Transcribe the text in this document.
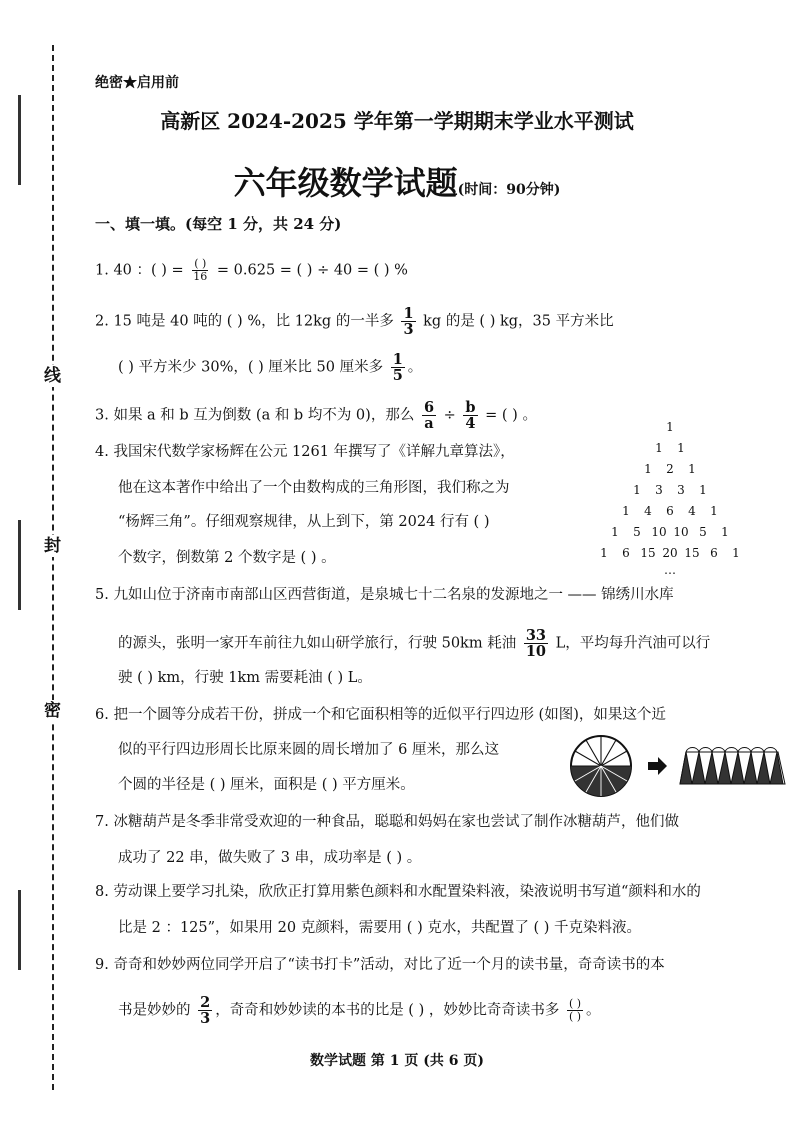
线
封
密
绝密★启用前
高新区 2024-2025 学年第一学期期末学业水平测试
六年级数学试题(时间：90分钟)
一、填一填。(每空 1 分，共 24 分)
1. 40 ：( ) = $\frac{( )}{16} = 0.625$ = ( ) ÷ 40 = ( ) %
2. 15 吨是 40 吨的 ( ) %，比 12kg 的一半多 $\frac{1}{3}$ kg 的是 ( ) kg，35 平方米比
( ) 平方米少 30%，( ) 厘米比 50 厘米多 $\frac{1}{5}$ 。
3. 如果 a 和 b 互为倒数 (a 和 b 均不为 0)，那么 $\frac{6}{a} \div \frac{b}{4}$ = ( ) 。
4. 我国宋代数学家杨辉在公元 1261 年撰写了《详解九章算法》，
他在这本著作中给出了一个由数构成的三角形图，我们称之为
“杨辉三角”。仔细观察规律，从上到下，第 2024 行有 ( )
个数字，倒数第 2 个数字是 ( ) 。
1
1	1
1	2	1
1	3	3	1
1	4	6	4	1
1	5 10 10 5	1
1	6 15 20 15 6	1
…
5. 九如山位于济南市南部山区西营街道，是泉城七十二名泉的发源地之一 —— 锦绣川水库
的源头，张明一家开车前往九如山研学旅行，行驶 50km 耗油 $\frac{33}{10}$ L，平均每升汽油可以行
驶 ( ) km，行驶 1km 需要耗油 ( ) L。
6. 把一个圆等分成若干份，拼成一个和它面积相等的近似平行四边形 (如图)，如果这个近
似的平行四边形周长比原来圆的周长增加了 6 厘米，那么这
个圆的半径是 ( ) 厘米，面积是 ( ) 平方厘米。
7. 冰糖葫芦是冬季非常受欢迎的一种食品，聪聪和妈妈在家也尝试了制作冰糖葫芦，他们做
成功了 22 串，做失败了 3 串，成功率是 ( ) 。
8. 劳动课上要学习扎染，欣欣正打算用紫色颜料和水配置染料液，染液说明书写道“颜料和水的
比是 2 ：125”，如果用 20 克颜料，需要用 ( ) 克水，共配置了 ( ) 千克染料液。
9. 奇奇和妙妙两位同学开启了“读书打卡”活动，对比了近一个月的读书量，奇奇读书的本
书是妙妙的 $\frac{2}{3}$ ，奇奇和妙妙读的本书的比是 ( ) ，妙妙比奇奇读书多 $\frac{( )}{( )}$ 。
数学试题 第 1 页 (共 6 页)
